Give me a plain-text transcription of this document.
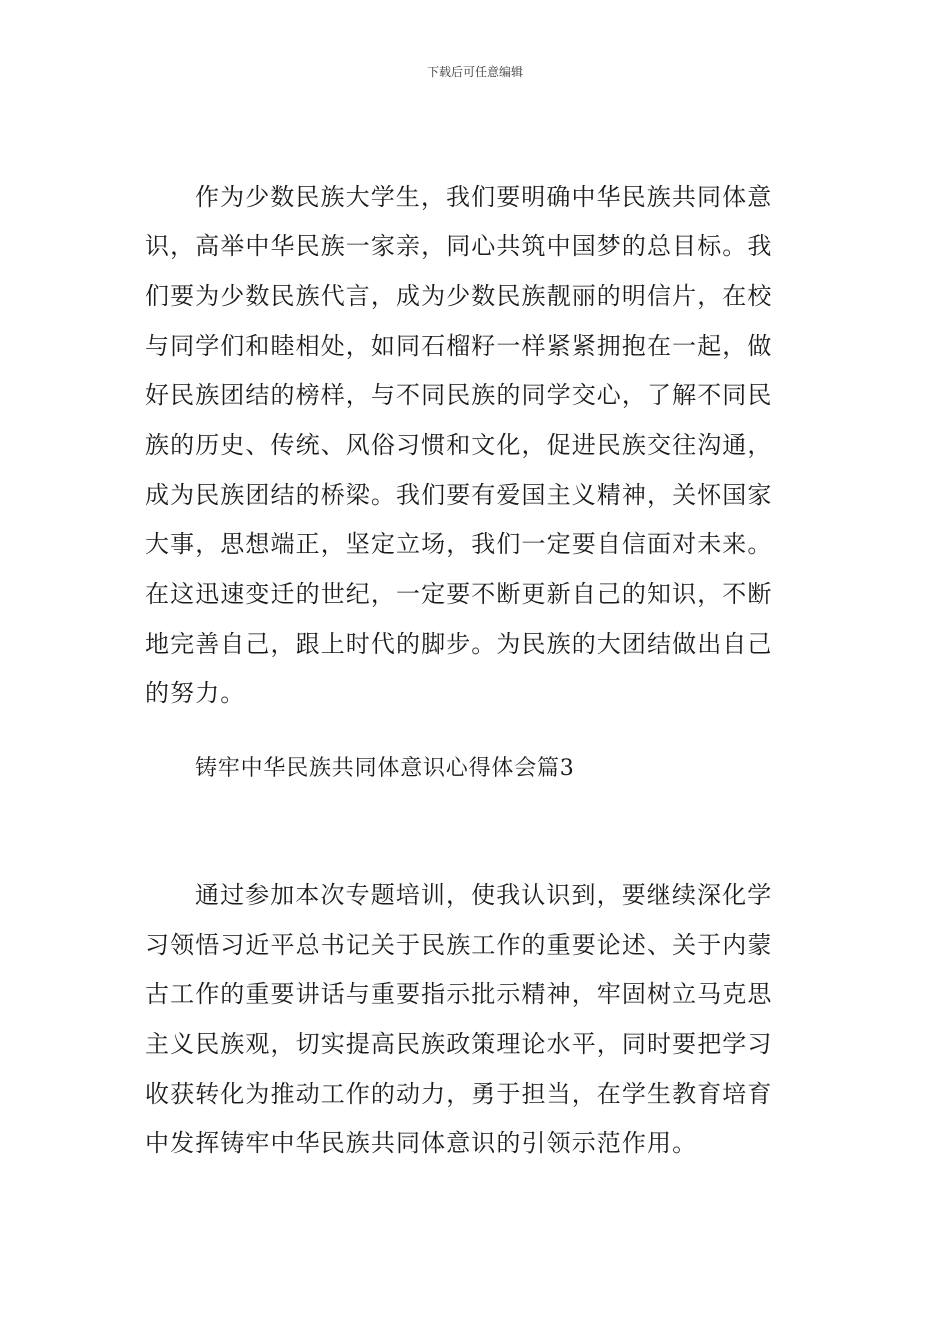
下载后可任意编辑
作为少数民族大学生，我们要明确中华民族共同体意
识，高举中华民族一家亲，同心共筑中国梦的总目标。我
们要为少数民族代言，成为少数民族靓丽的明信片，在校
与同学们和睦相处，如同石榴籽一样紧紧拥抱在一起，做
好民族团结的榜样，与不同民族的同学交心，了解不同民
族的历史、传统、风俗习惯和文化，促进民族交往沟通，
成为民族团结的桥梁。我们要有爱国主义精神，关怀国家
大事，思想端正，坚定立场，我们一定要自信面对未来。
在这迅速变迁的世纪，一定要不断更新自己的知识，不断
地完善自己，跟上时代的脚步。为民族的大团结做出自己
的努力。
铸牢中华民族共同体意识心得体会篇3
通过参加本次专题培训，使我认识到，要继续深化学
习领悟习近平总书记关于民族工作的重要论述、关于内蒙
古工作的重要讲话与重要指示批示精神，牢固树立马克思
主义民族观，切实提高民族政策理论水平，同时要把学习
收获转化为推动工作的动力，勇于担当，在学生教育培育
中发挥铸牢中华民族共同体意识的引领示范作用。
